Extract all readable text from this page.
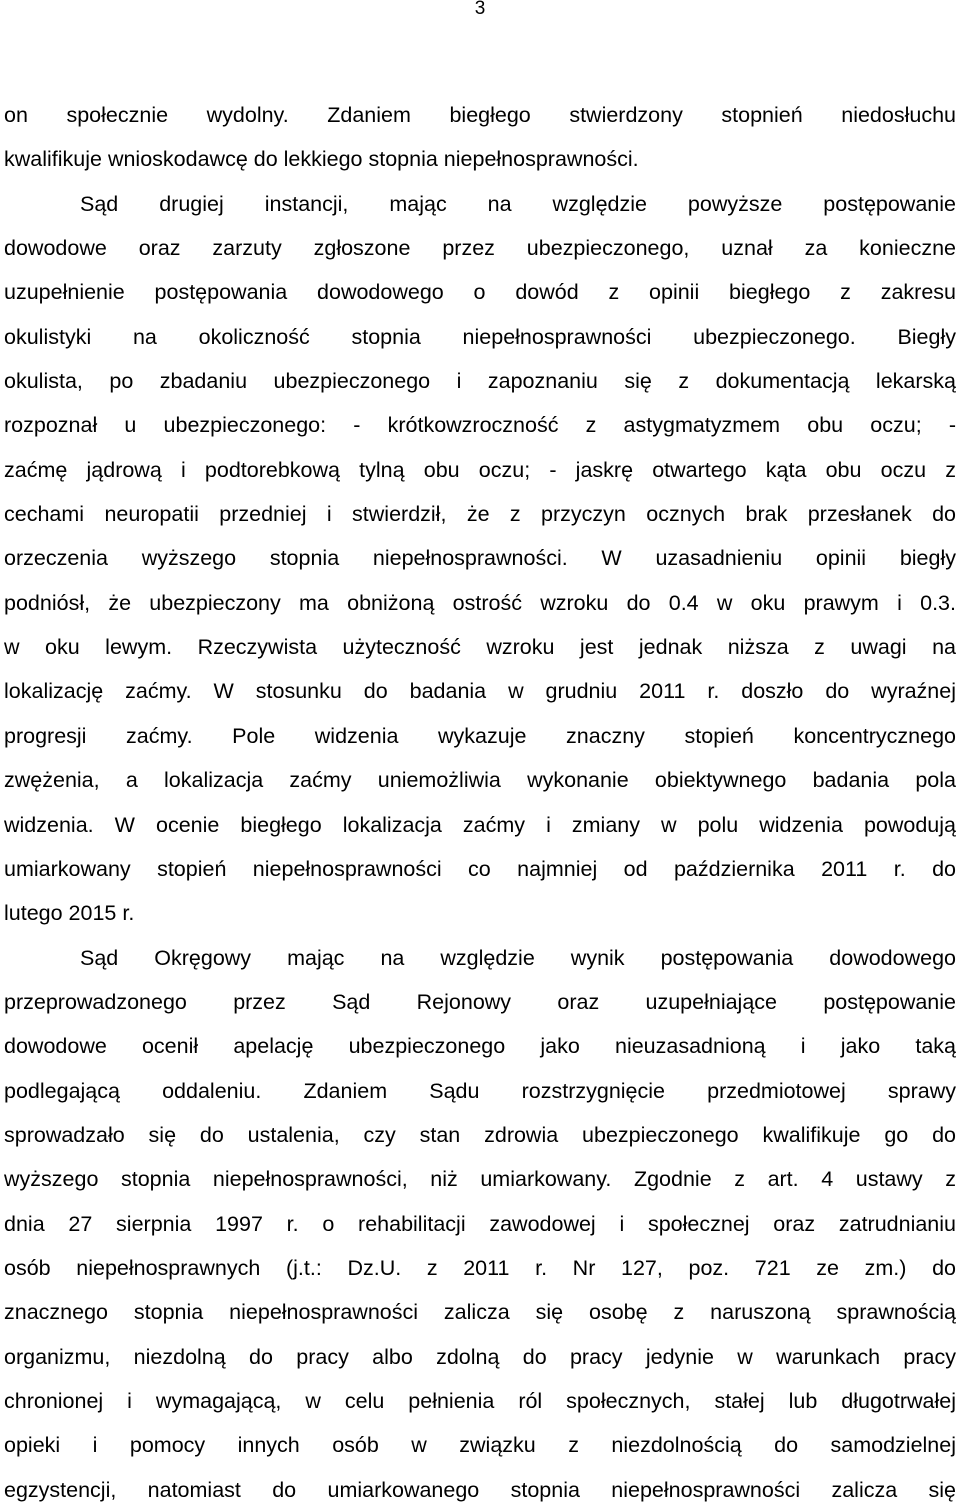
3
on społecznie wydolny. Zdaniem biegłego stwierdzony stopnień niedosłuchu
kwalifikuje wnioskodawcę do lekkiego stopnia niepełnosprawności.
Sąd drugiej instancji, mając na względzie powyższe postępowanie
dowodowe oraz zarzuty zgłoszone przez ubezpieczonego, uznał za konieczne
uzupełnienie postępowania dowodowego o dowód z opinii biegłego z zakresu
okulistyki na okoliczność stopnia niepełnosprawności ubezpieczonego. Biegły
okulista, po zbadaniu ubezpieczonego i zapoznaniu się z dokumentacją lekarską
rozpoznał u ubezpieczonego: - krótkowzroczność z astygmatyzmem obu oczu; -
zaćmę jądrową i podtorebkową tylną obu oczu; - jaskrę otwartego kąta obu oczu z
cechami neuropatii przedniej i stwierdził, że z przyczyn ocznych brak przesłanek do
orzeczenia wyższego stopnia niepełnosprawności. W uzasadnieniu opinii biegły
podniósł, że ubezpieczony ma obniżoną ostrość wzroku do 0.4 w oku prawym i 0.3.
w oku lewym. Rzeczywista użyteczność wzroku jest jednak niższa z uwagi na
lokalizację zaćmy. W stosunku do badania w grudniu 2011 r. doszło do wyraźnej
progresji zaćmy. Pole widzenia wykazuje znaczny stopień koncentrycznego
zwężenia, a lokalizacja zaćmy uniemożliwia wykonanie obiektywnego badania pola
widzenia. W ocenie biegłego lokalizacja zaćmy i zmiany w polu widzenia powodują
umiarkowany stopień niepełnosprawności co najmniej od października 2011 r. do
lutego 2015 r.
Sąd Okręgowy mając na względzie wynik postępowania dowodowego
przeprowadzonego przez Sąd Rejonowy oraz uzupełniające postępowanie
dowodowe ocenił apelację ubezpieczonego jako nieuzasadnioną i jako taką
podlegającą oddaleniu. Zdaniem Sądu rozstrzygnięcie przedmiotowej sprawy
sprowadzało się do ustalenia, czy stan zdrowia ubezpieczonego kwalifikuje go do
wyższego stopnia niepełnosprawności, niż umiarkowany. Zgodnie z art. 4 ustawy z
dnia 27 sierpnia 1997 r. o rehabilitacji zawodowej i społecznej oraz zatrudnianiu
osób niepełnosprawnych (j.t.: Dz.U. z 2011 r. Nr 127, poz. 721 ze zm.) do
znacznego stopnia niepełnosprawności zalicza się osobę z naruszoną sprawnością
organizmu, niezdolną do pracy albo zdolną do pracy jedynie w warunkach pracy
chronionej i wymagającą, w celu pełnienia ról społecznych, stałej lub długotrwałej
opieki i pomocy innych osób w związku z niezdolnością do samodzielnej
egzystencji, natomiast do umiarkowanego stopnia niepełnosprawności zalicza się
